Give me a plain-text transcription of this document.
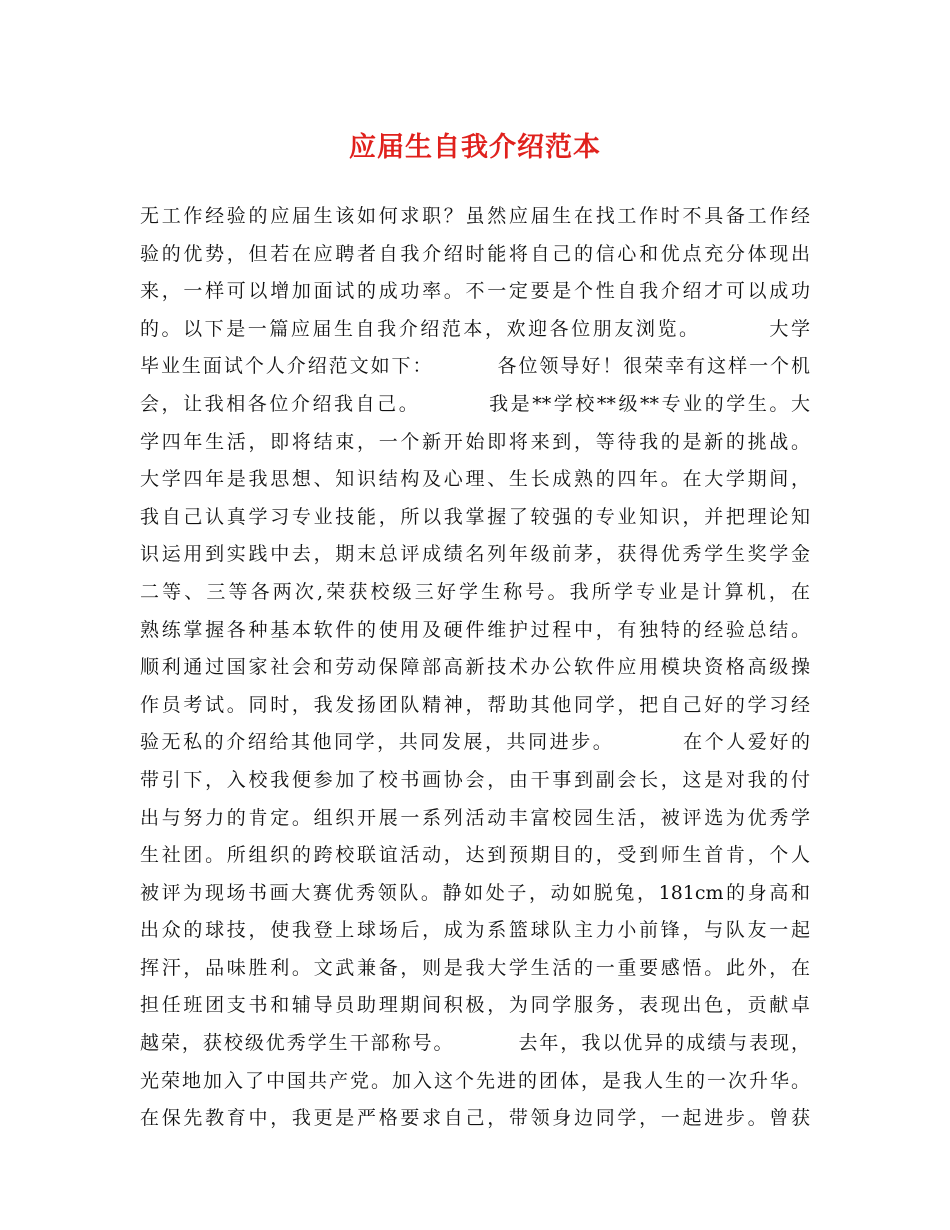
应届生自我介绍范本
无工作经验的应届生该如何求职？虽然应届生在找工作时不具备工作经
验的优势，但若在应聘者自我介绍时能将自己的信心和优点充分体现出
来，一样可以增加面试的成功率。不一定要是个性自我介绍才可以成功
的。以下是一篇应届生自我介绍范本，欢迎各位朋友浏览。        大学
毕业生面试个人介绍范文如下：        各位领导好！很荣幸有这样一个机
会，让我相各位介绍我自己。        我是**学校**级**专业的学生。大
学四年生活，即将结束，一个新开始即将来到，等待我的是新的挑战。
大学四年是我思想、知识结构及心理、生长成熟的四年。在大学期间，
我自己认真学习专业技能，所以我掌握了较强的专业知识，并把理论知
识运用到实践中去，期末总评成绩名列年级前茅，获得优秀学生奖学金
二等、三等各两次,荣获校级三好学生称号。我所学专业是计算机，在
熟练掌握各种基本软件的使用及硬件维护过程中，有独特的经验总结。
顺利通过国家社会和劳动保障部高新技术办公软件应用模块资格高级操
作员考试。同时，我发扬团队精神，帮助其他同学，把自己好的学习经
验无私的介绍给其他同学，共同发展，共同进步。        在个人爱好的
带引下，入校我便参加了校书画协会，由干事到副会长，这是对我的付
出与努力的肯定。组织开展一系列活动丰富校园生活，被评选为优秀学
生社团。所组织的跨校联谊活动，达到预期目的，受到师生首肯，个人
被评为现场书画大赛优秀领队。静如处子，动如脱兔，181cm的身高和
出众的球技，使我登上球场后，成为系篮球队主力小前锋，与队友一起
挥汗，品味胜利。文武兼备，则是我大学生活的一重要感悟。此外，在
担任班团支书和辅导员助理期间积极，为同学服务，表现出色，贡献卓
越荣，获校级优秀学生干部称号。        去年，我以优异的成绩与表现，
光荣地加入了中国共产党。加入这个先进的团体，是我人生的一次升华。
在保先教育中，我更是严格要求自己，带领身边同学，一起进步。曾获
